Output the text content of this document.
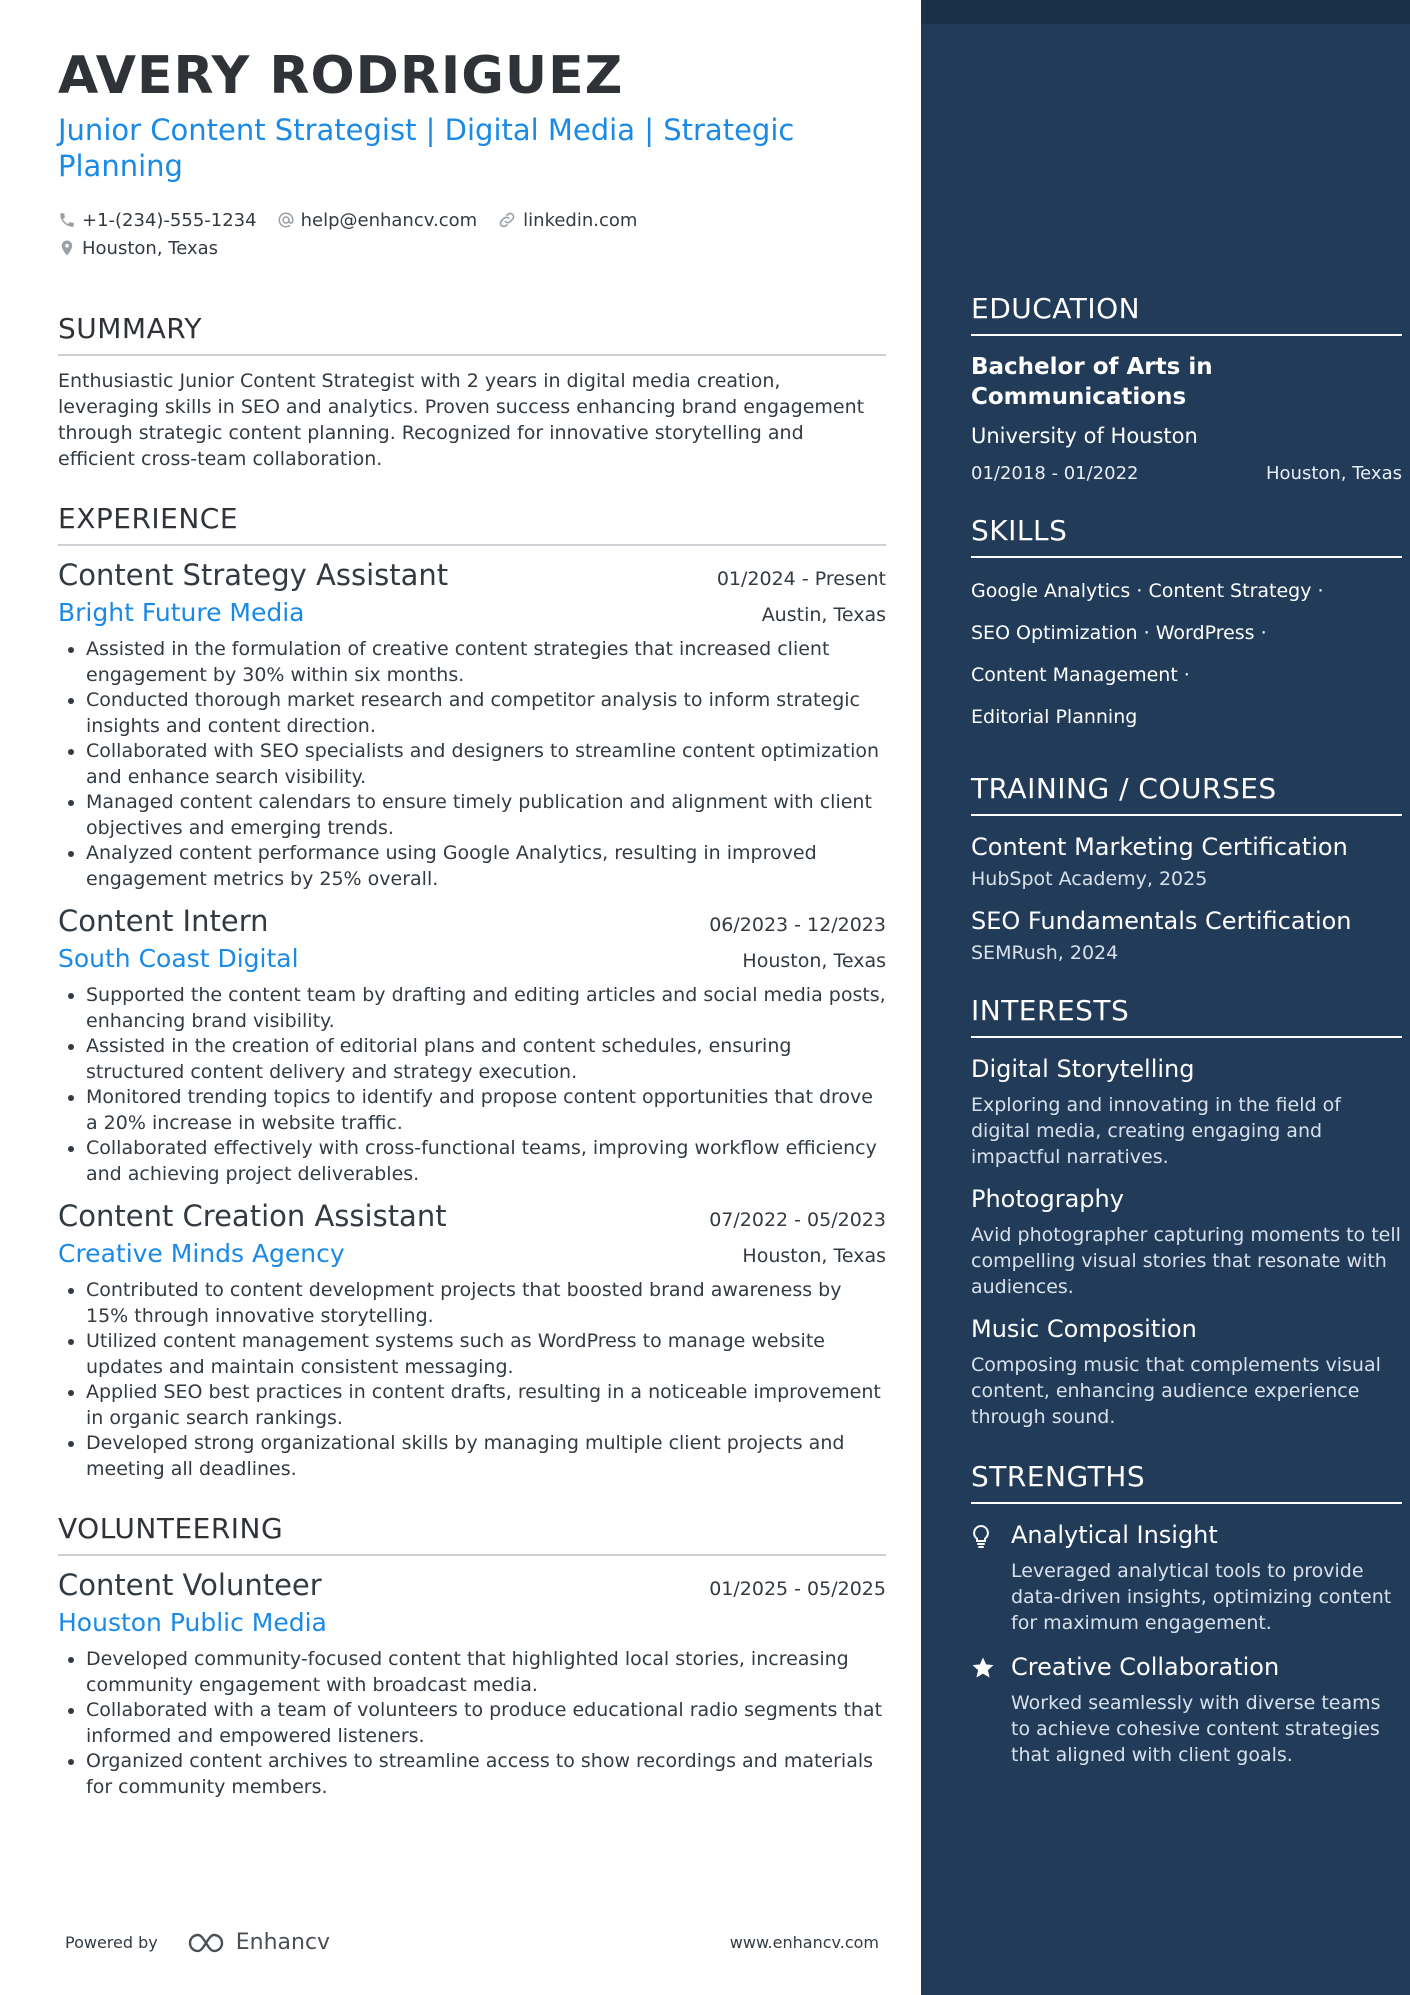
AVERY RODRIGUEZ
Junior Content Strategist | Digital Media | Strategic Planning
+1-(234)-555-1234 help@enhancv.com	linkedin.com
Houston, Texas
SUMMARY
Enthusiastic Junior Content Strategist with 2 years in digital media creation, leveraging skills in SEO and analytics. Proven success enhancing brand engagement through strategic content planning. Recognized for innovative storytelling and efficient cross-team collaboration.
EXPERIENCE
Content Strategy Assistant	01/2024 - Present
Bright Future Media	Austin, Texas
• Assisted in the formulation of creative content strategies that increased client engagement by 30% within six months.
• Conducted thorough market research and competitor analysis to inform strategic insights and content direction.
• Collaborated with SEO specialists and designers to streamline content optimization and enhance search visibility.
• Managed content calendars to ensure timely publication and alignment with client objectives and emerging trends.
• Analyzed content performance using Google Analytics, resulting in improved engagement metrics by 25% overall.
Content Intern	06/2023 - 12/2023
South Coast Digital	Houston, Texas
• Supported the content team by drafting and editing articles and social media posts, enhancing brand visibility.
• Assisted in the creation of editorial plans and content schedules, ensuring structured content delivery and strategy execution.
• Monitored trending topics to identify and propose content opportunities that drove a 20% increase in website traffic.
• Collaborated effectively with cross-functional teams, improving workflow efficiency and achieving project deliverables.
Content Creation Assistant	07/2022 - 05/2023
Creative Minds Agency	Houston, Texas
• Contributed to content development projects that boosted brand awareness by 15% through innovative storytelling.
• Utilized content management systems such as WordPress to manage website updates and maintain consistent messaging.
• Applied SEO best practices in content drafts, resulting in a noticeable improvement in organic search rankings.
• Developed strong organizational skills by managing multiple client projects and meeting all deadlines.
VOLUNTEERING
Content Volunteer	01/2025 - 05/2025
Houston Public Media
• Developed community-focused content that highlighted local stories, increasing community engagement with broadcast media.
• Collaborated with a team of volunteers to produce educational radio segments that informed and empowered listeners.
• Organized content archives to streamline access to show recordings and materials for community members.
Powered by	Enhancv	www.enhancv.com
EDUCATION
Bachelor of Arts in Communications
University of Houston
01/2018 - 01/2022	Houston, Texas
SKILLS
Google Analytics · Content Strategy ·
SEO Optimization · WordPress ·
Content Management ·
Editorial Planning
TRAINING / COURSES
Content Marketing Certification
HubSpot Academy, 2025
SEO Fundamentals Certification
SEMRush, 2024
INTERESTS
Digital Storytelling
Exploring and innovating in the field of digital media, creating engaging and impactful narratives.
Photography
Avid photographer capturing moments to tell compelling visual stories that resonate with audiences.
Music Composition
Composing music that complements visual content, enhancing audience experience through sound.
STRENGTHS
Analytical Insight
Leveraged analytical tools to provide data-driven insights, optimizing content for maximum engagement.
Creative Collaboration
Worked seamlessly with diverse teams to achieve cohesive content strategies that aligned with client goals.
